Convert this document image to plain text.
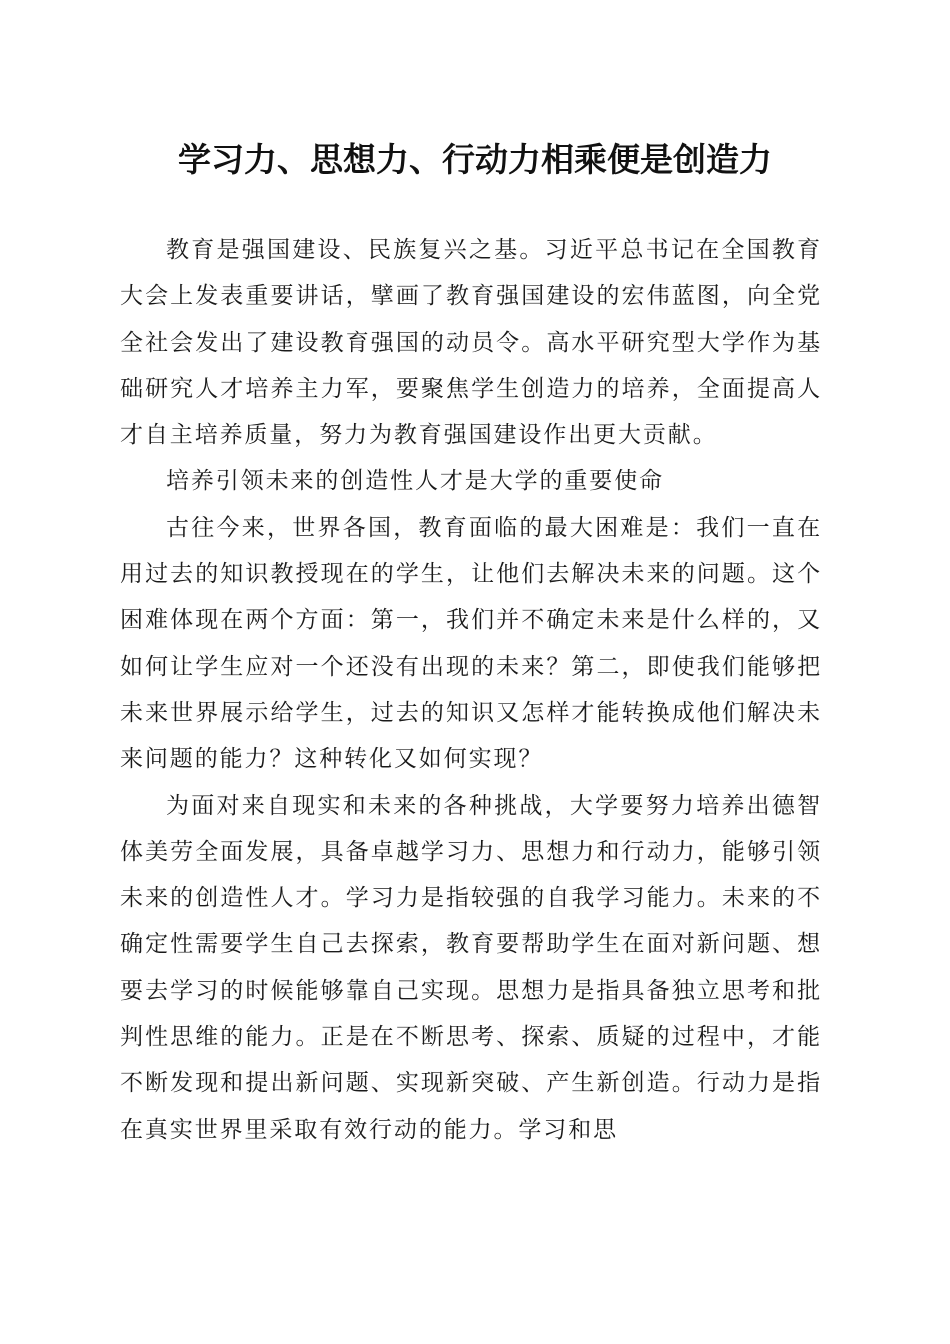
学习力、思想力、行动力相乘便是创造力

教育是强国建设、民族复兴之基。习近平总书记在全国教育大会上发表重要讲话，擘画了教育强国建设的宏伟蓝图，向全党全社会发出了建设教育强国的动员令。高水平研究型大学作为基础研究人才培养主力军，要聚焦学生创造力的培养，全面提高人才自主培养质量，努力为教育强国建设作出更大贡献。

培养引领未来的创造性人才是大学的重要使命

古往今来，世界各国，教育面临的最大困难是：我们一直在用过去的知识教授现在的学生，让他们去解决未来的问题。这个困难体现在两个方面：第一，我们并不确定未来是什么样的，又如何让学生应对一个还没有出现的未来？第二，即使我们能够把未来世界展示给学生，过去的知识又怎样才能转换成他们解决未来问题的能力？这种转化又如何实现？

为面对来自现实和未来的各种挑战，大学要努力培养出德智体美劳全面发展，具备卓越学习力、思想力和行动力，能够引领未来的创造性人才。学习力是指较强的自我学习能力。未来的不确定性需要学生自己去探索，教育要帮助学生在面对新问题、想要去学习的时候能够靠自己实现。思想力是指具备独立思考和批判性思维的能力。正是在不断思考、探索、质疑的过程中，才能不断发现和提出新问题、实现新突破、产生新创造。行动力是指在真实世界里采取有效行动的能力。学习和思
